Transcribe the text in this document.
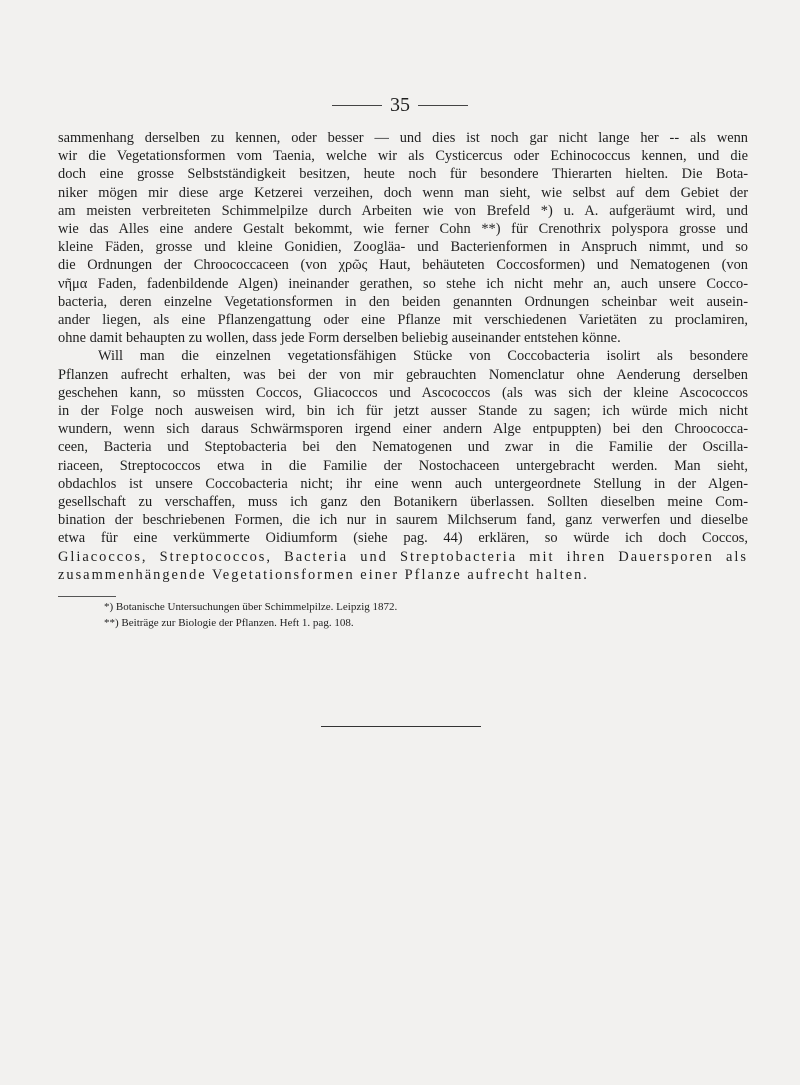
35

sammenhang derselben zu kennen, oder besser — und dies ist noch gar nicht lange her -- als wenn
wir die Vegetationsformen vom Taenia, welche wir als Cysticercus oder Echinococcus kennen, und die
doch eine grosse Selbstständigkeit besitzen, heute noch für besondere Thierarten hielten. Die Bota-
niker mögen mir diese arge Ketzerei verzeihen, doch wenn man sieht, wie selbst auf dem Gebiet der
am meisten verbreiteten Schimmelpilze durch Arbeiten wie von Brefeld *) u. A. aufgeräumt wird, und
wie das Alles eine andere Gestalt bekommt, wie ferner Cohn **) für Crenothrix polyspora grosse und
kleine Fäden, grosse und kleine Gonidien, Zoogläa- und Bacterienformen in Anspruch nimmt, und so
die Ordnungen der Chroococcaceen (von χρῶς Haut, behäuteten Coccosformen) und Nematogenen (von
νῆμα Faden, fadenbildende Algen) ineinander gerathen, so stehe ich nicht mehr an, auch unsere Cocco-
bacteria, deren einzelne Vegetationsformen in den beiden genannten Ordnungen scheinbar weit ausein-
ander liegen, als eine Pflanzengattung oder eine Pflanze mit verschiedenen Varietäten zu proclamiren,
ohne damit behaupten zu wollen, dass jede Form derselben beliebig auseinander entstehen könne.

Will man die einzelnen vegetationsfähigen Stücke von Coccobacteria isolirt als besondere
Pflanzen aufrecht erhalten, was bei der von mir gebrauchten Nomenclatur ohne Aenderung derselben
geschehen kann, so müssten Coccos, Gliacoccos und Ascococcos (als was sich der kleine Ascococcos
in der Folge noch ausweisen wird, bin ich für jetzt ausser Stande zu sagen; ich würde mich nicht
wundern, wenn sich daraus Schwärmsporen irgend einer andern Alge entpuppten) bei den Chroococca-
ceen, Bacteria und Steptobacteria bei den Nematogenen und zwar in die Familie der Oscilla-
riaceen, Streptococcos etwa in die Familie der Nostochaceen untergebracht werden. Man sieht,
obdachlos ist unsere Coccobacteria nicht; ihr eine wenn auch untergeordnete Stellung in der Algen-
gesellschaft zu verschaffen, muss ich ganz den Botanikern überlassen. Sollten dieselben meine Com-
bination der beschriebenen Formen, die ich nur in saurem Milchserum fand, ganz verwerfen und dieselbe
etwa für eine verkümmerte Oidiumform (siehe pag. 44) erklären, so würde ich doch Coccos,
Gliacoccos, Streptococcos, Bacteria und Streptobacteria mit ihren Dauersporen als
zusammenhängende Vegetationsformen einer Pflanze aufrecht halten.

*) Botanische Untersuchungen über Schimmelpilze. Leipzig 1872.
**) Beiträge zur Biologie der Pflanzen. Heft 1. pag. 108.
